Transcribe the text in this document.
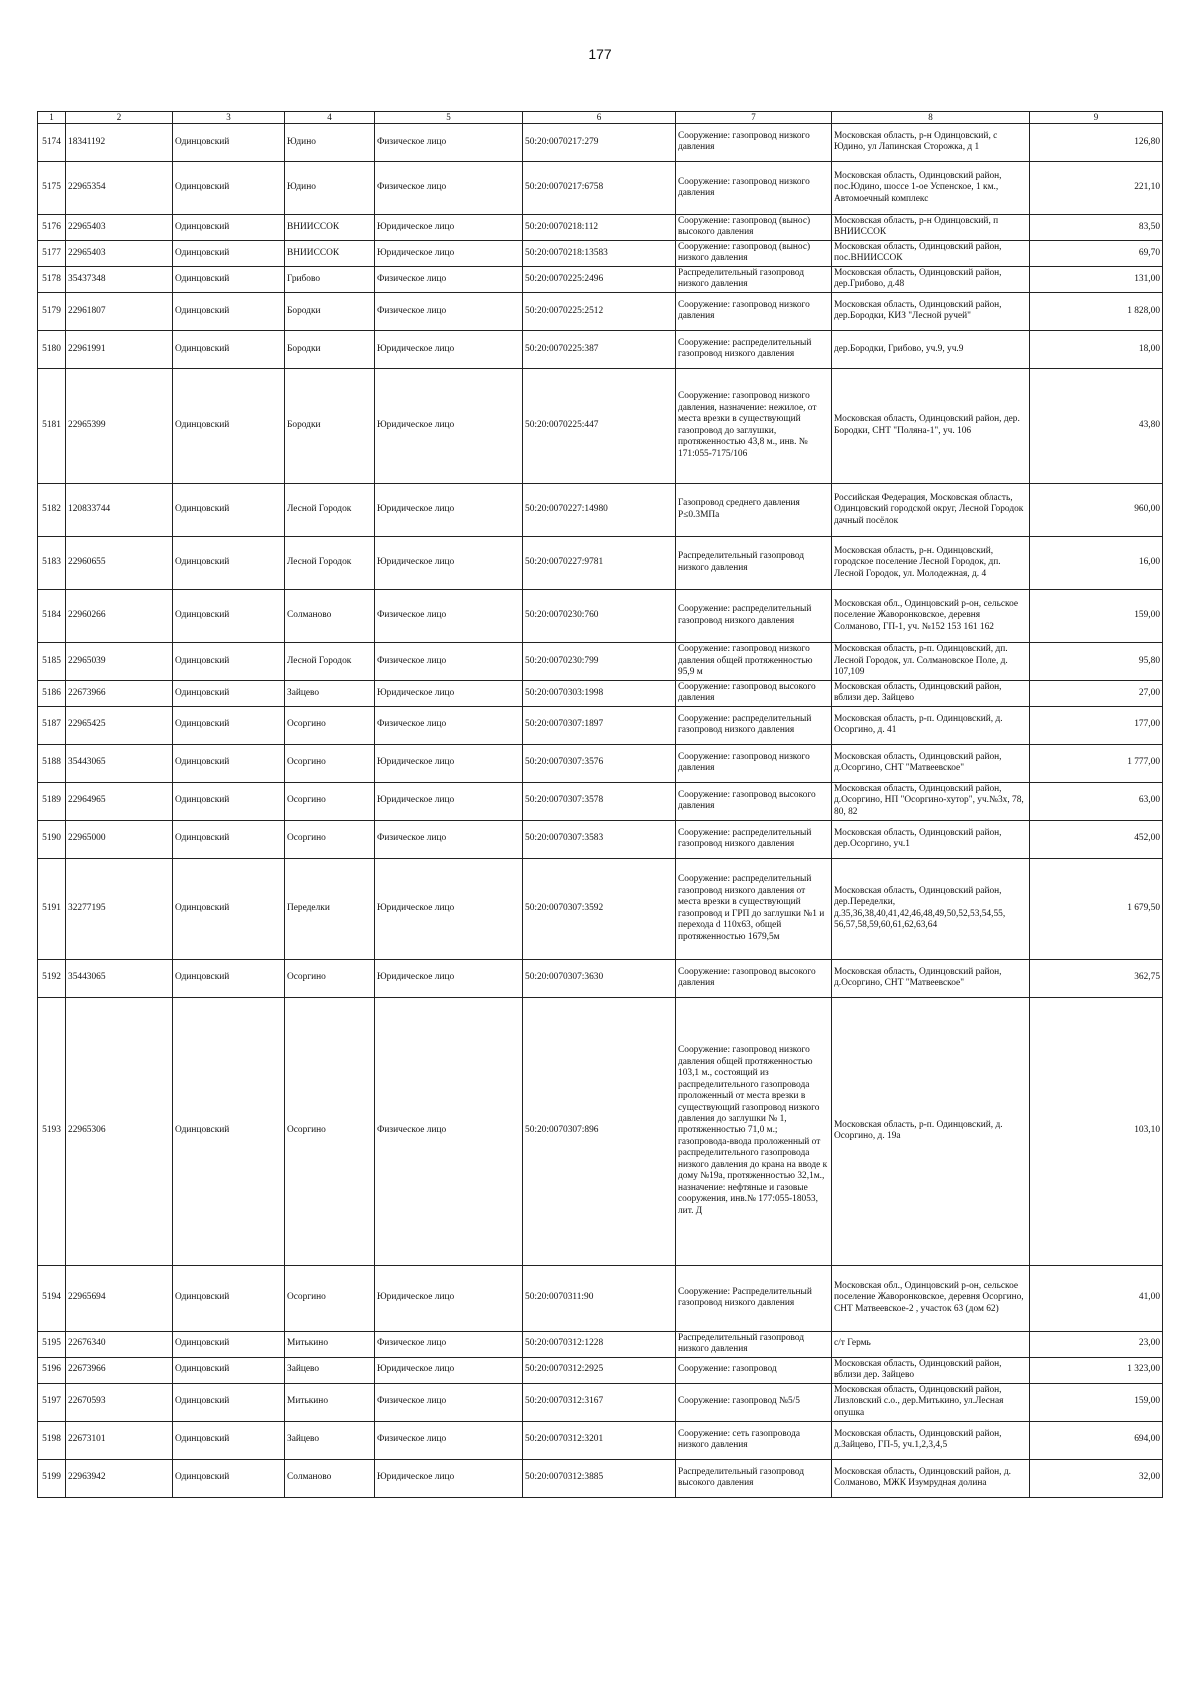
177
1	2	3	4	5	6	7	8	9
5174	18341192	Одинцовский	Юдино	Физическое лицо	50:20:0070217:279	Сооружение: газопровод низкого давления	Московская область, р-н Одинцовский, с Юдино, ул Лапинская Сторожка, д 1	126,80
5175	22965354	Одинцовский	Юдино	Физическое лицо	50:20:0070217:6758	Сооружение: газопровод низкого давления	Московская область, Одинцовский район, пос.Юдино, шоссе 1-ое Успенское, 1 км., Автомоечный комплекс	221,10
5176	22965403	Одинцовский	ВНИИССОК	Юридическое лицо	50:20:0070218:112	Сооружение: газопровод (вынос) высокого давления	Московская область, р-н Одинцовский, п ВНИИССОК	83,50
5177	22965403	Одинцовский	ВНИИССОК	Юридическое лицо	50:20:0070218:13583	Сооружение: газопровод (вынос) низкого давления	Московская область, Одинцовский район, пос.ВНИИССОК	69,70
5178	35437348	Одинцовский	Грибово	Физическое лицо	50:20:0070225:2496	Распределительный газопровод низкого давления	Московская область, Одинцовский район, дер.Грибово, д.48	131,00
5179	22961807	Одинцовский	Бородки	Физическое лицо	50:20:0070225:2512	Сооружение: газопровод низкого давления	Московская область, Одинцовский район, дер.Бородки, КИЗ "Лесной ручей"	1 828,00
5180	22961991	Одинцовский	Бородки	Юридическое лицо	50:20:0070225:387	Сооружение: распределительный газопровод низкого давления	дер.Бородки, Грибово, уч.9, уч.9	18,00
5181	22965399	Одинцовский	Бородки	Юридическое лицо	50:20:0070225:447	Сооружение: газопровод низкого давления, назначение: нежилое, от места врезки в существующий газопровод до заглушки, протяженностью 43,8 м., инв. № 171:055-7175/106	Московская область, Одинцовский район, дер. Бородки, СНТ "Поляна-1", уч. 106	43,80
5182	120833744	Одинцовский	Лесной Городок	Юридическое лицо	50:20:0070227:14980	Газопровод среднего давления Р≤0.3МПа	Российская Федерация, Московская область, Одинцовский городской округ, Лесной Городок дачный посёлок	960,00
5183	22960655	Одинцовский	Лесной Городок	Юридическое лицо	50:20:0070227:9781	Распределительный газопровод низкого давления	Московская область, р-н. Одинцовский, городское поселение Лесной Городок, дп. Лесной Городок, ул. Молодежная, д. 4	16,00
5184	22960266	Одинцовский	Солманово	Физическое лицо	50:20:0070230:760	Сооружение: распределительный газопровод низкого давления	Московская обл., Одинцовский р-он, сельское поселение Жаворонковское, деревня Солманово, ГП-1, уч. №152 153 161 162	159,00
5185	22965039	Одинцовский	Лесной Городок	Физическое лицо	50:20:0070230:799	Сооружение: газопровод низкого давления общей протяженностью 95,9 м	Московская область, р-п. Одинцовский, дп. Лесной Городок, ул. Солмановское Поле, д. 107,109	95,80
5186	22673966	Одинцовский	Зайцево	Юридическое лицо	50:20:0070303:1998	Сооружение: газопровод высокого давления	Московская область, Одинцовский район, вблизи дер. Зайцево	27,00
5187	22965425	Одинцовский	Осоргино	Физическое лицо	50:20:0070307:1897	Сооружение: распределительный газопровод низкого давления	Московская область, р-п. Одинцовский, д. Осоргино, д. 41	177,00
5188	35443065	Одинцовский	Осоргино	Юридическое лицо	50:20:0070307:3576	Сооружение: газопровод низкого давления	Московская область, Одинцовский район, д.Осоргино, СНТ "Матвеевское"	1 777,00
5189	22964965	Одинцовский	Осоргино	Юридическое лицо	50:20:0070307:3578	Сооружение: газопровод высокого давления	Московская область, Одинцовский район, д.Осоргино, НП "Осоргино-хутор", уч.№3х, 78, 80, 82	63,00
5190	22965000	Одинцовский	Осоргино	Физическое лицо	50:20:0070307:3583	Сооружение: распределительный газопровод низкого давления	Московская область, Одинцовский район, дер.Осоргино, уч.1	452,00
5191	32277195	Одинцовский	Переделки	Юридическое лицо	50:20:0070307:3592	Сооружение: распределительный газопровод низкого давления от места врезки в существующий газопровод и ГРП до заглушки №1 и перехода d 110х63, общей протяженностью 1679,5м	Московская область, Одинцовский район, дер.Переделки, д.35,36,38,40,41,42,46,48,49,50,52,53,54,55, 56,57,58,59,60,61,62,63,64	1 679,50
5192	35443065	Одинцовский	Осоргино	Юридическое лицо	50:20:0070307:3630	Сооружение: газопровод высокого давления	Московская область, Одинцовский район, д.Осоргино, СНТ "Матвеевское"	362,75
5193	22965306	Одинцовский	Осоргино	Физическое лицо	50:20:0070307:896	Сооружение: газопровод низкого давления общей протяженностью 103,1 м., состоящий из распределительного газопровода проложенный от места врезки в существующий газопровод низкого давления до заглушки № 1, протяженностью 71,0 м.; газопровода-ввода проложенный от распределительного газопровода низкого давления до крана на вводе к дому №19а, протяженностью 32,1м., назначение: нефтяные и газовые сооружения, инв.№ 177:055-18053, лит. Д	Московская область, р-п. Одинцовский, д. Осоргино, д. 19а	103,10
5194	22965694	Одинцовский	Осоргино	Юридическое лицо	50:20:0070311:90	Сооружение: Распределительный газопровод низкого давления	Московская обл., Одинцовский р-он, сельское поселение Жаворонковское, деревня Осоргино, СНТ Матвеевское-2 , участок 63 (дом 62)	41,00
5195	22676340	Одинцовский	Митькино	Физическое лицо	50:20:0070312:1228	Распределительный газопровод низкого давления	с/т Гермь	23,00
5196	22673966	Одинцовский	Зайцево	Юридическое лицо	50:20:0070312:2925	Сооружение: газопровод	Московская область, Одинцовский район, вблизи дер. Зайцево	1 323,00
5197	22670593	Одинцовский	Митькино	Физическое лицо	50:20:0070312:3167	Сооружение: газопровод №5/5	Московская область, Одинцовский район, Лизловский с.о., дер.Митькино, ул.Лесная опушка	159,00
5198	22673101	Одинцовский	Зайцево	Физическое лицо	50:20:0070312:3201	Сооружение: сеть газопровода низкого давления	Московская область, Одинцовский район, д.Зайцево, ГП-5, уч.1,2,3,4,5	694,00
5199	22963942	Одинцовский	Солманово	Юридическое лицо	50:20:0070312:3885	Распределительный газопровод высокого давления	Московская область, Одинцовский район, д. Солманово, МЖК Изумрудная долина	32,00
